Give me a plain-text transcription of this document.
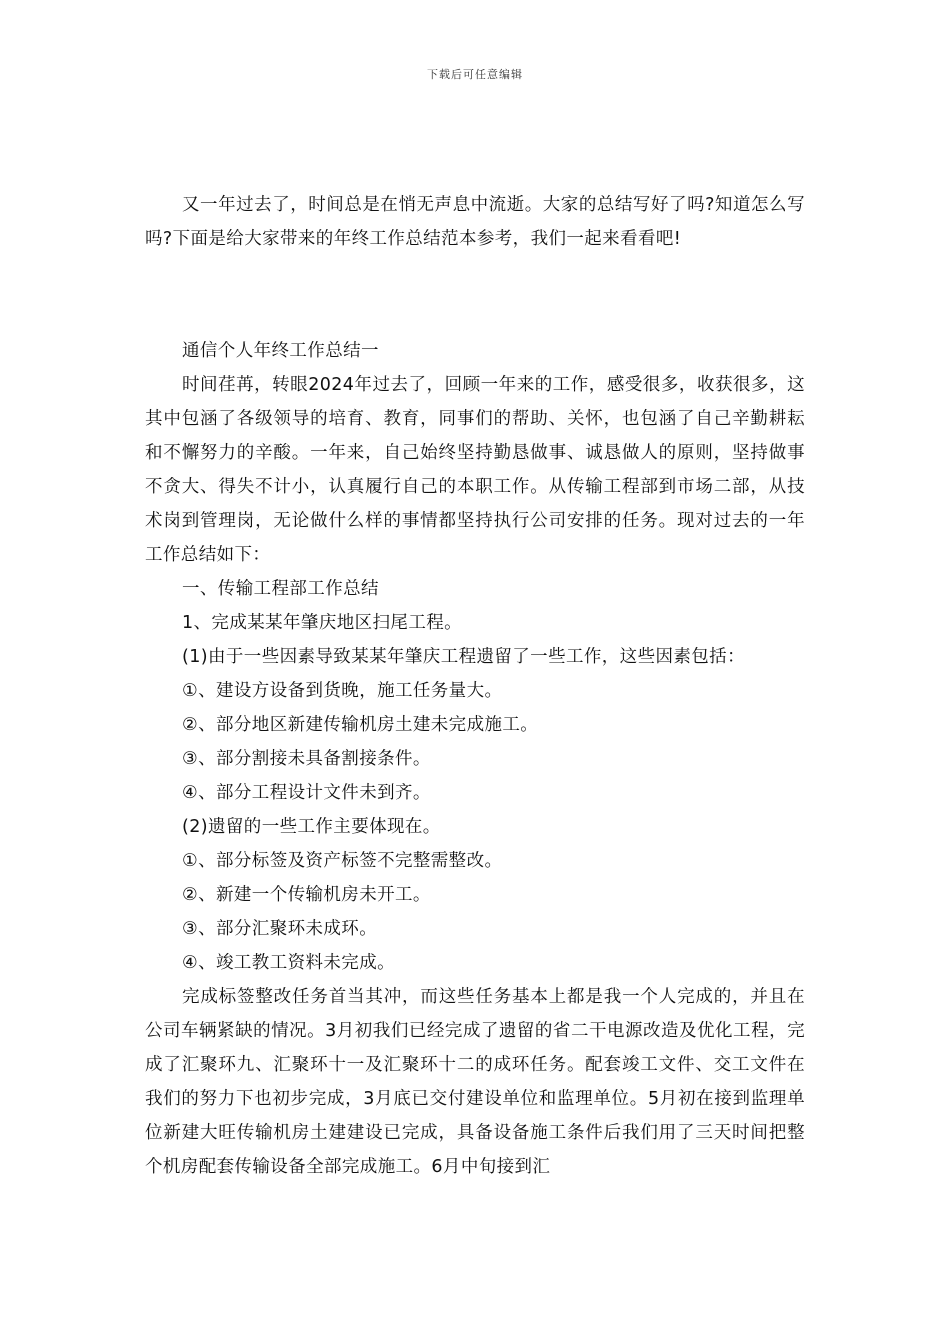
下载后可任意编辑

又一年过去了，时间总是在悄无声息中流逝。大家的总结写好了吗?知道怎么写吗?下面是给大家带来的年终工作总结范本参考，我们一起来看看吧!

通信个人年终工作总结一

时间荏苒，转眼2024年过去了，回顾一年来的工作，感受很多，收获很多，这其中包涵了各级领导的培育、教育，同事们的帮助、关怀，也包涵了自己辛勤耕耘和不懈努力的辛酸。一年来，自己始终坚持勤恳做事、诚恳做人的原则，坚持做事不贪大、得失不计小，认真履行自己的本职工作。从传输工程部到市场二部，从技术岗到管理岗，无论做什么样的事情都坚持执行公司安排的任务。现对过去的一年工作总结如下：

一、传输工程部工作总结

1、完成某某年肇庆地区扫尾工程。

(1)由于一些因素导致某某年肇庆工程遗留了一些工作，这些因素包括：

①、建设方设备到货晚，施工任务量大。

②、部分地区新建传输机房土建未完成施工。

③、部分割接未具备割接条件。

④、部分工程设计文件未到齐。

(2)遗留的一些工作主要体现在。

①、部分标签及资产标签不完整需整改。

②、新建一个传输机房未开工。

③、部分汇聚环未成环。

④、竣工教工资料未完成。

完成标签整改任务首当其冲，而这些任务基本上都是我一个人完成的，并且在公司车辆紧缺的情况。3月初我们已经完成了遗留的省二干电源改造及优化工程，完成了汇聚环九、汇聚环十一及汇聚环十二的成环任务。配套竣工文件、交工文件在我们的努力下也初步完成，3月底已交付建设单位和监理单位。5月初在接到监理单位新建大旺传输机房土建建设已完成，具备设备施工条件后我们用了三天时间把整个机房配套传输设备全部完成施工。6月中旬接到汇
